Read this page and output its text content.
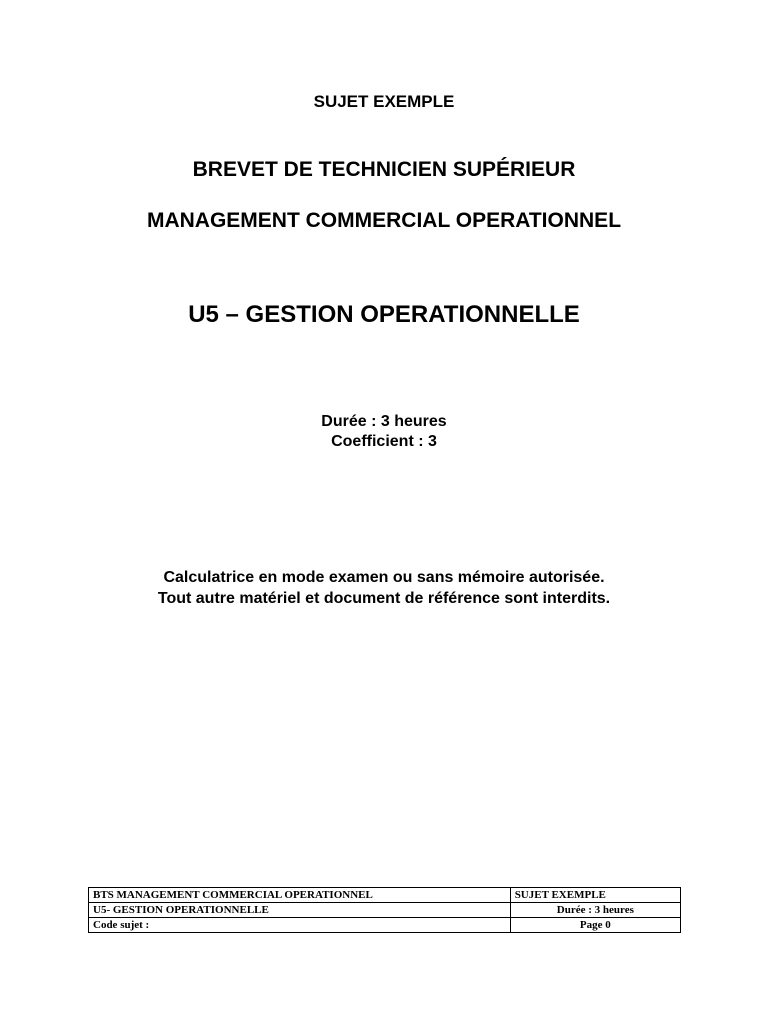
SUJET EXEMPLE
BREVET DE TECHNICIEN SUPÉRIEUR
MANAGEMENT COMMERCIAL OPERATIONNEL
U5 – GESTION OPERATIONNELLE
Durée : 3 heures
Coefficient : 3
Calculatrice en mode examen ou sans mémoire autorisée.
Tout autre matériel et document de référence sont interdits.
BTS MANAGEMENT COMMERCIAL OPERATIONNEL	SUJET EXEMPLE
U5- GESTION OPERATIONNELLE	Durée : 3 heures
Code sujet :	Page 0
